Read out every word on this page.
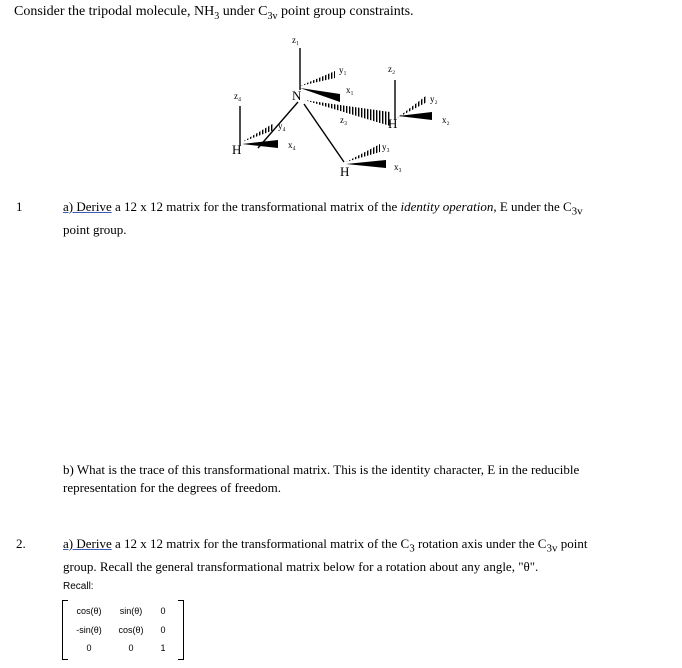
Consider the tripodal molecule, $NH_3$ under $C_{3v}$ point group constraints.
N
z₁
y₁
x₁
H
z₂
y₂
x₂
z₃
H
y₃
x₃
H
z₄
y₄
x₄
1	a) Derive a 12 x 12 matrix for the transformational matrix of the identity operation, E under the $C_{3v}$
point group.
b) What is the trace of this transformational matrix. This is the identity character, E in the reducible
representation for the degrees of freedom.
2.	a) Derive a 12 x 12 matrix for the transformational matrix of the $C_3$ rotation axis under the $C_{3v}$ point
group. Recall the general transformational matrix below for a rotation about any angle, "θ".
Recall:
cos(θ)	sin(θ)	0
-sin(θ)	cos(θ)	0
0	0	1
